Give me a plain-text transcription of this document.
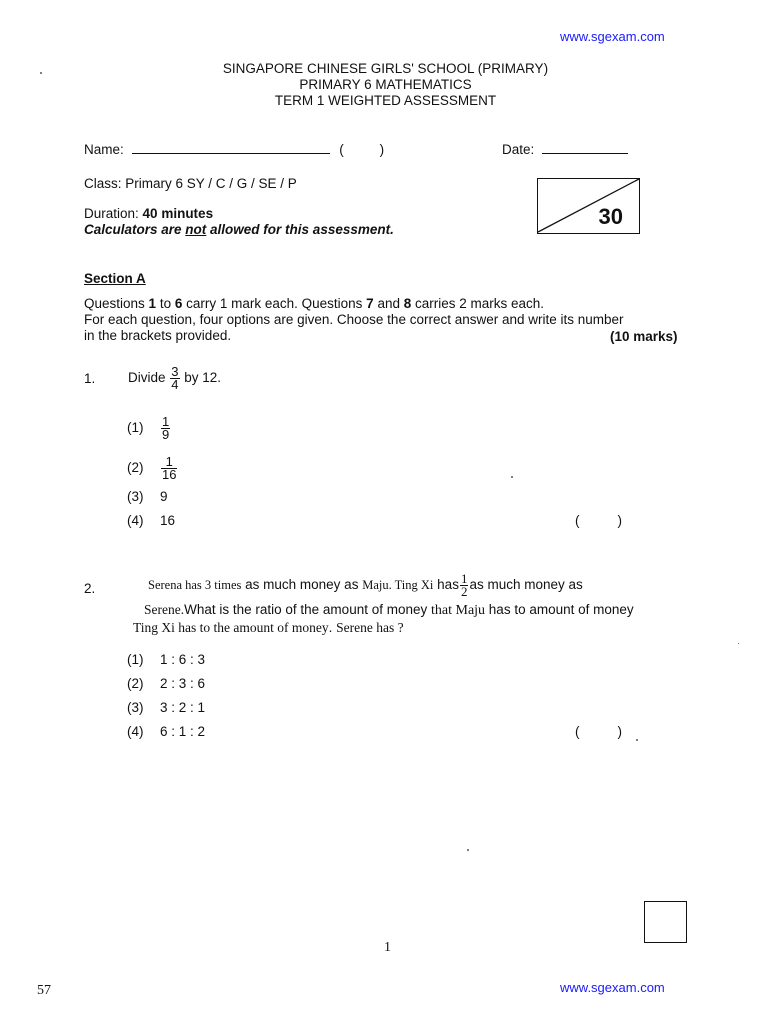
www.sgexam.com
SINGAPORE CHINESE GIRLS' SCHOOL (PRIMARY)
PRIMARY 6 MATHEMATICS
TERM 1 WEIGHTED ASSESSMENT
Name:	(	)	Date:
Class: Primary 6 SY / C / G / SE / P
Duration: 40 minutes
Calculators are not allowed for this assessment.
30
Section A
Questions 1 to 6 carry 1 mark each. Questions 7 and 8 carries 2 marks each.
For each question, four options are given. Choose the correct answer and write its number
in the brackets provided.	(10 marks)
1. Divide $\frac{3}{4}$ by 12.
$(1) \frac{1}{9}$
$(2) \frac{1}{16}$
(3) 9
(4) 16	(	)
2.	Serena has 3 times as much money as Maju. Ting Xi has $\frac{1}{2}$ as much money as
Serene.What is the ratio of the amount of money that Maju has to amount of money
Ting Xi has to the amount of money. Serene has ?
(1) 1 : 6 : 3
(2) 2 : 3 : 6
(3) 3 : 2 : 1
(4) 6 : 1 : 2	(	)
1
57	www.sgexam.com
